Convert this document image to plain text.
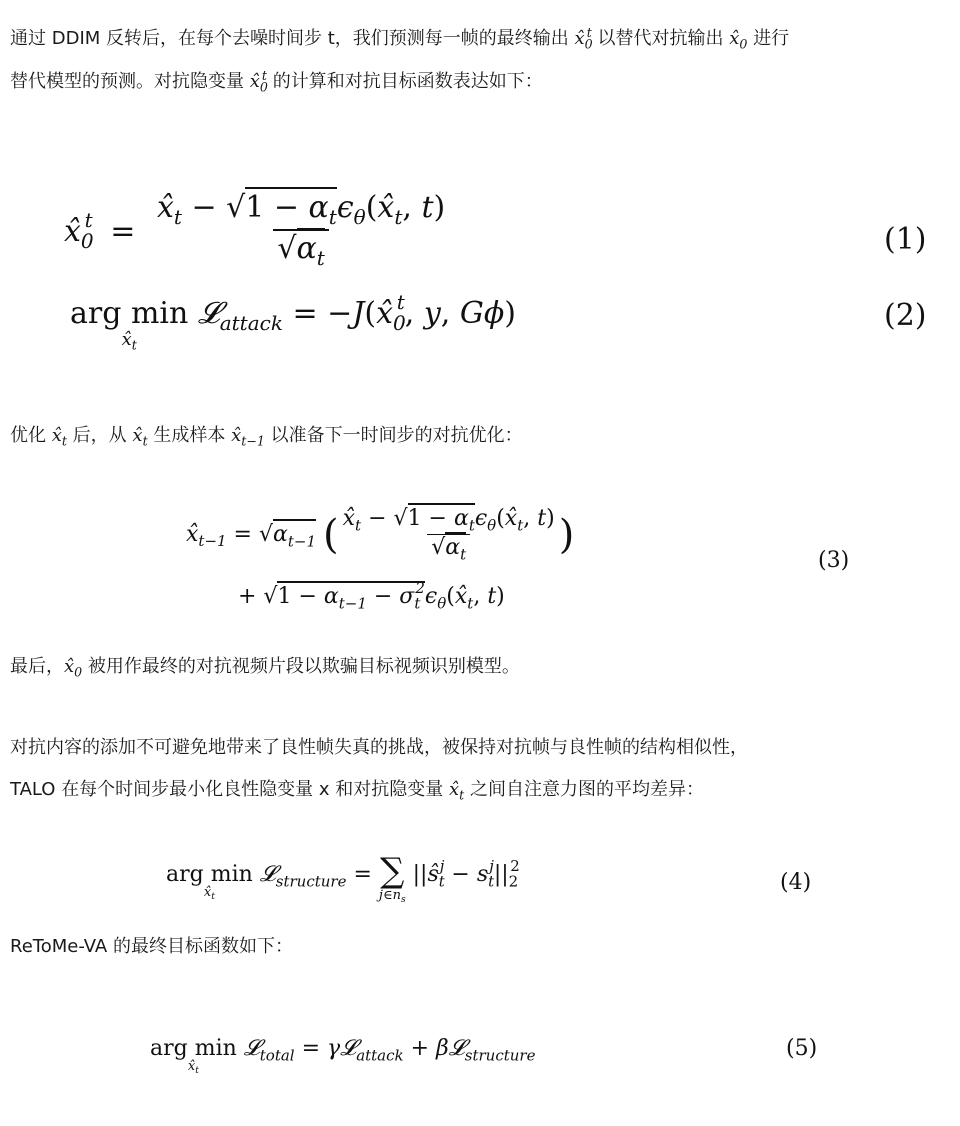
通过 DDIM 反转后，在每个去噪时间步 t，我们预测每一帧的最终输出 $x̂_0^t$ 以替代对抗输出 $x̂_0$ 进行
替代模型的预测。对抗隐变量 $x̂_0^t$ 的计算和对抗目标函数表达如下：
$x̂_0^t = \frac{x̂_t - √1 - \alpha_t\epsilon_\theta(x̂_t, t)}{√\alpha_t}$	(1)
arg min
$x̂_t$
𝓛$_{attack}$ = $-J(x̂_0^t$, y, Gϕ)	(2)
优化 $x̂_t$ 后，从 $x̂_t$ 生成样本 $x̂_{t-1}$ 以准备下一时间步的对抗优化：
$x̂_{t-1} = √\alpha_{t-1}$ ( $\frac{x̂_t - √1 - \alpha_t\epsilon_\theta(x̂_t, t)}{√\alpha_t}$ )
+ $√1 - \alpha_{t-1}$ − $\sigma_t^2\epsilon_\theta(x̂_t$, t)
(3)
最后，$x̂_0$ 被用作最终的对抗视频片段以欺骗目标视频识别模型。
对抗内容的添加不可避免地带来了良性帧失真的挑战，被保持对抗帧与良性帧的结构相似性，
TALO 在每个时间步最小化良性隐变量 x 和对抗隐变量 $x̂_t$ 之间自注意力图的平均差异：
arg min
$x̂_t$
𝓛$_{structure}$ = ∑
$j\in n_s$
$||ŝ_t^j - s_t^j||_2^2$
(4)
ReToMe-VA 的最终目标函数如下：
arg min
$x̂_t$
𝓛$_{total}$ = γ𝓛$_{attack}$ + β𝓛$_{structure}$	(5)
